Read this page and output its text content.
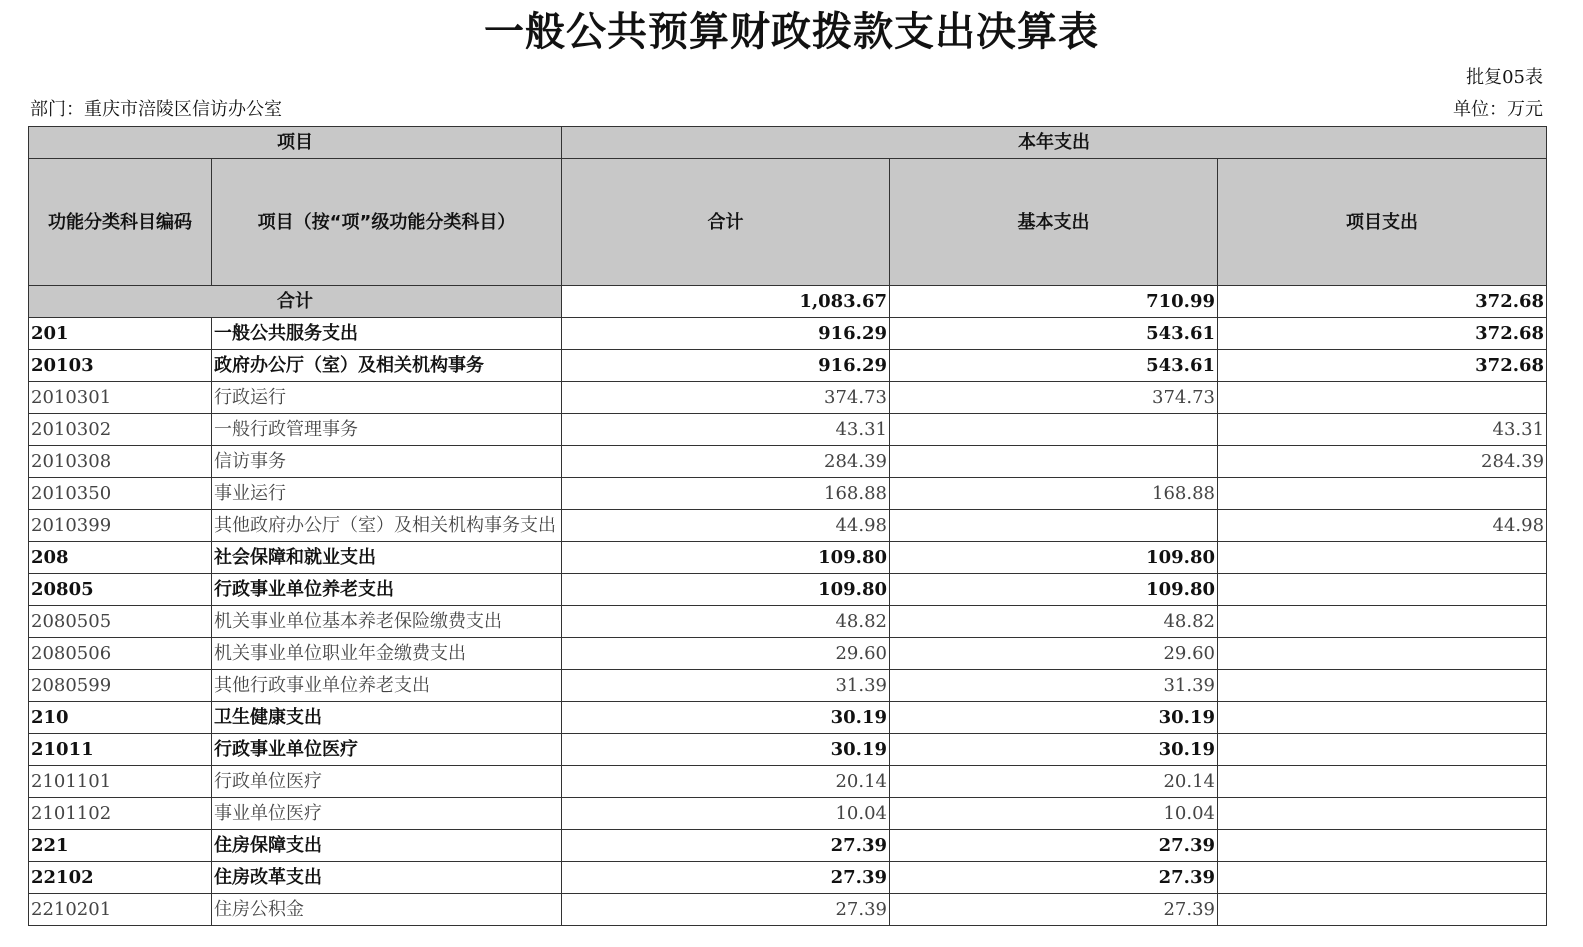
一般公共预算财政拨款支出决算表
批复05表
部门：重庆市涪陵区信访办公室	单位：万元
项目		本年支出		
功能分类科目编码	项目（按“项”级功能分类科目）	合计	基本支出	项目支出
合计		1,083.67	710.99	372.68
201	一般公共服务支出	916.29	543.61	372.68
20103	政府办公厅（室）及相关机构事务	916.29	543.61	372.68
2010301	行政运行	374.73	374.73	
2010302	一般行政管理事务	43.31		43.31
2010308	信访事务	284.39		284.39
2010350	事业运行	168.88	168.88	
2010399	其他政府办公厅（室）及相关机构事务支出	44.98		44.98
208	社会保障和就业支出	109.80	109.80	
20805	行政事业单位养老支出	109.80	109.80	
2080505	机关事业单位基本养老保险缴费支出	48.82	48.82	
2080506	机关事业单位职业年金缴费支出	29.60	29.60	
2080599	其他行政事业单位养老支出	31.39	31.39	
210	卫生健康支出	30.19	30.19	
21011	行政事业单位医疗	30.19	30.19	
2101101	行政单位医疗	20.14	20.14	
2101102	事业单位医疗	10.04	10.04	
221	住房保障支出	27.39	27.39	
22102	住房改革支出	27.39	27.39	
2210201	住房公积金	27.39	27.39	
